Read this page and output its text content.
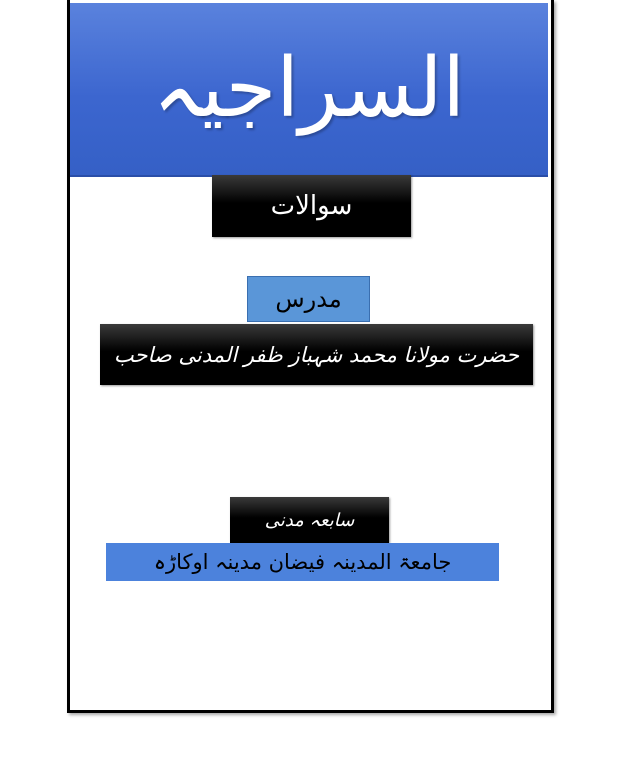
السراجیہ
سوالات
مدرس
حضرت مولانا محمد شہباز ظفر المدنی صاحب
سابعہ مدنی
جامعۃ المدینہ فیضان مدینہ اوکاڑہ
